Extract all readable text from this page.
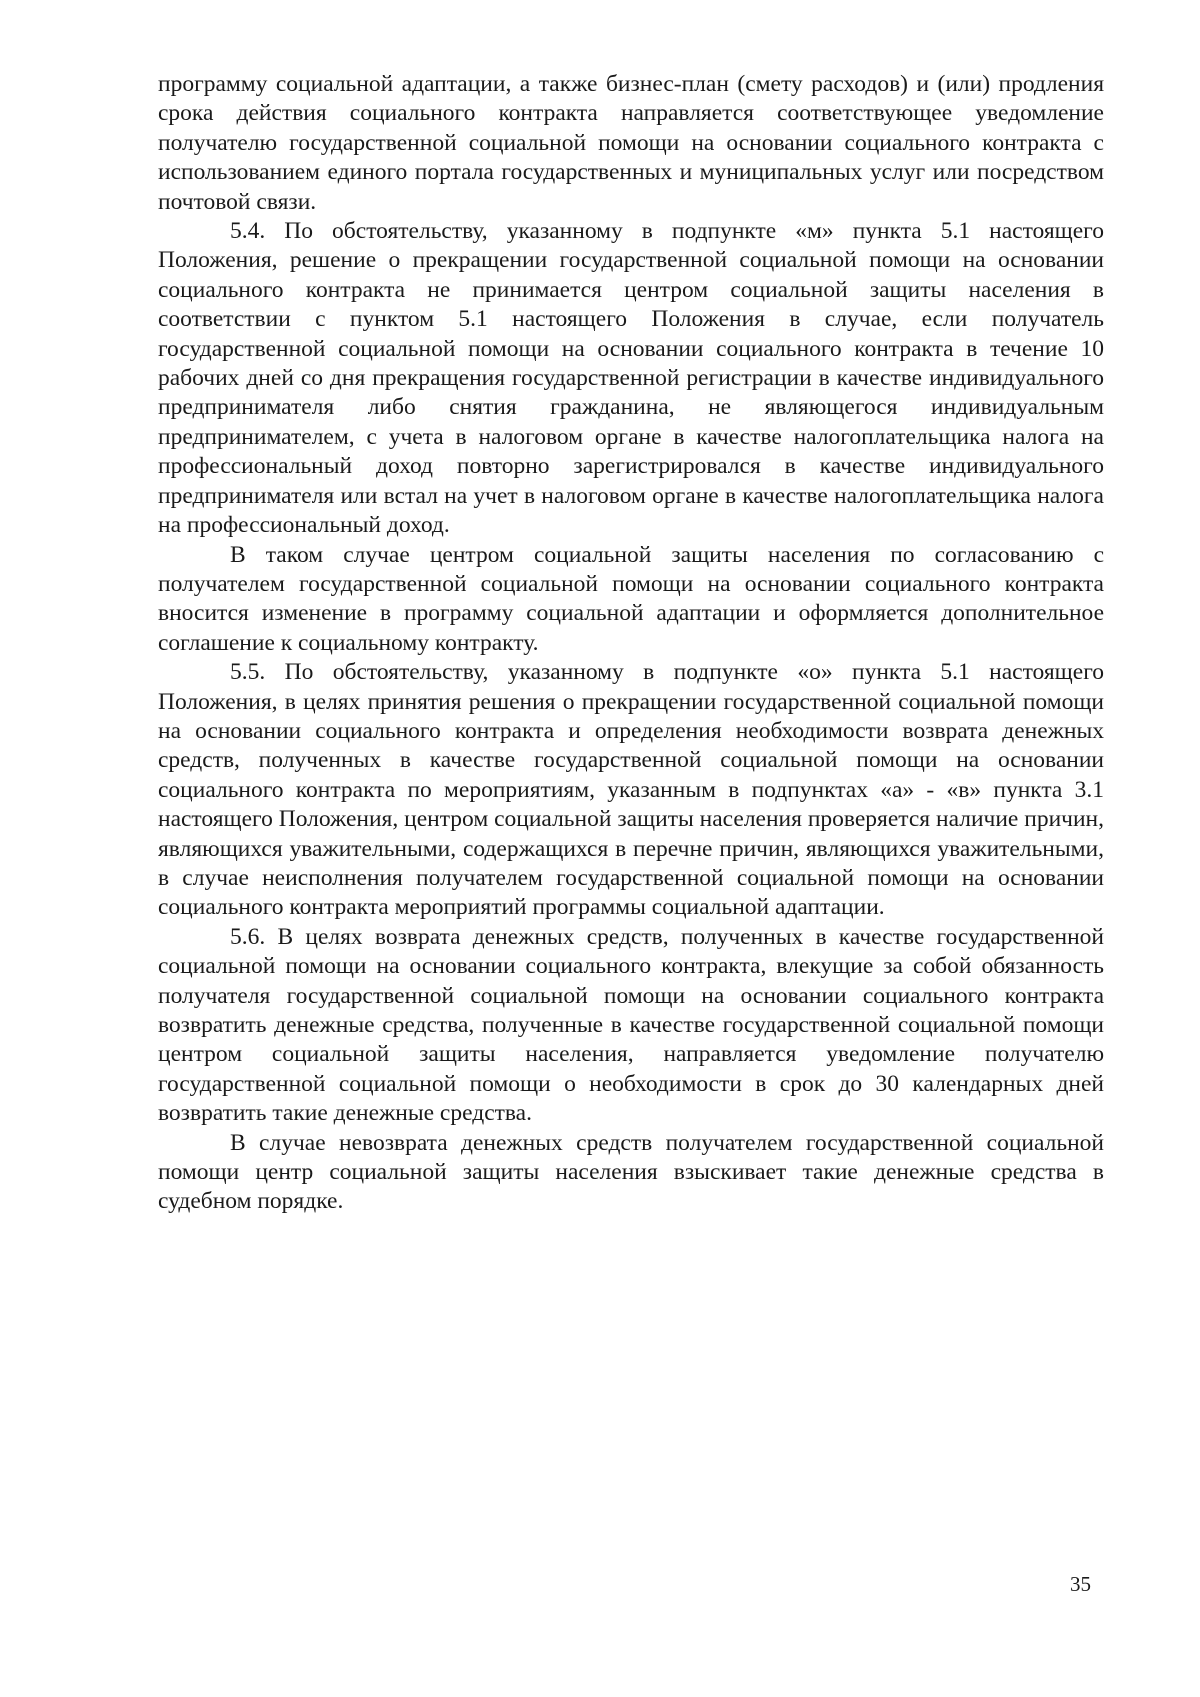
программу социальной адаптации, а также бизнес-план (смету расходов) и (или) продления срока действия социального контракта направляется соответствующее уведомление получателю государственной социальной помощи на основании социального контракта с использованием единого портала государственных и муниципальных услуг или посредством почтовой связи.

5.4. По обстоятельству, указанному в подпункте «м» пункта 5.1 настоящего Положения, решение о прекращении государственной социальной помощи на основании социального контракта не принимается центром социальной защиты населения в соответствии с пунктом 5.1 настоящего Положения в случае, если получатель государственной социальной помощи на основании социального контракта в течение 10 рабочих дней со дня прекращения государственной регистрации в качестве индивидуального предпринимателя либо снятия гражданина, не являющегося индивидуальным предпринимателем, с учета в налоговом органе в качестве налогоплательщика налога на профессиональный доход повторно зарегистрировался в качестве индивидуального предпринимателя или встал на учет в налоговом органе в качестве налогоплательщика налога на профессиональный доход.

В таком случае центром социальной защиты населения по согласованию с получателем государственной социальной помощи на основании социального контракта вносится изменение в программу социальной адаптации и оформляется дополнительное соглашение к социальному контракту.

5.5. По обстоятельству, указанному в подпункте «о» пункта 5.1 настоящего Положения, в целях принятия решения о прекращении государственной социальной помощи на основании социального контракта и определения необходимости возврата денежных средств, полученных в качестве государственной социальной помощи на основании социального контракта по мероприятиям, указанным в подпунктах «а» - «в» пункта 3.1 настоящего Положения, центром социальной защиты населения проверяется наличие причин, являющихся уважительными, содержащихся в перечне причин, являющихся уважительными, в случае неисполнения получателем государственной социальной помощи на основании социального контракта мероприятий программы социальной адаптации.

5.6. В целях возврата денежных средств, полученных в качестве государственной социальной помощи на основании социального контракта, влекущие за собой обязанность получателя государственной социальной помощи на основании социального контракта возвратить денежные средства, полученные в качестве государственной социальной помощи центром социальной защиты населения, направляется уведомление получателю государственной социальной помощи о необходимости в срок до 30 календарных дней возвратить такие денежные средства.

В случае невозврата денежных средств получателем государственной социальной помощи центр социальной защиты населения взыскивает такие денежные средства в судебном порядке.

35
